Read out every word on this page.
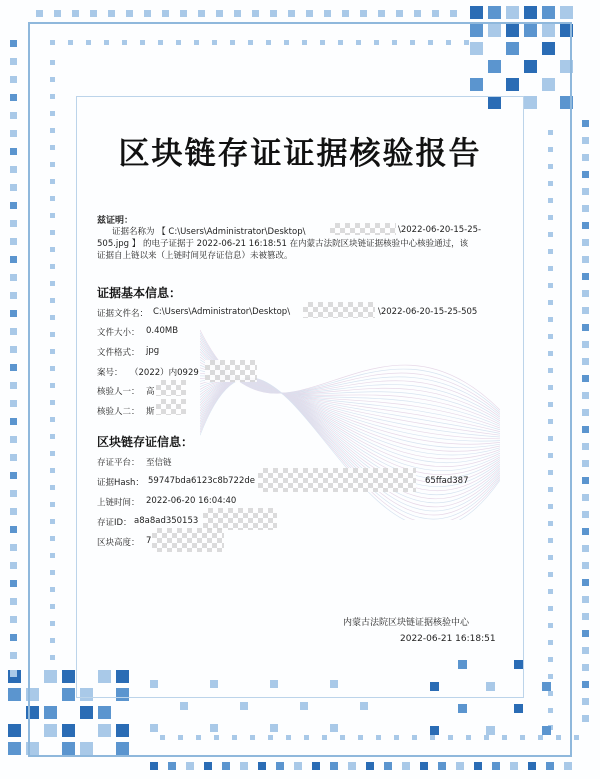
区块链存证证据核验报告
兹证明：
证据名称为 【 C:\Users\Administrator\Desktop\	\2022-06-20-15-25-
505.jpg 】 的电子证据于 2022-06-21 16:18:51 在内蒙古法院区块链证据核验中心核验通过，该
证据自上链以来（上链时间见存证信息）未被篡改。
证据基本信息：
证据文件名： C:\Users\Administrator\Desktop\	\2022-06-20-15-25-505
文件大小： 0.40MB
文件格式： jpg
案号： （2022）内0929
核验人一： 高
核验人二： 斯
区块链存证信息：
存证平台： 至信链
证据Hash： 59747bda6123c8b722de	65ffad387
上链时间： 2022-06-20 16:04:40
存证ID： a8a8ad350153
区块高度： 7
内蒙古法院区块链证据核验中心
2022-06-21 16:18:51
